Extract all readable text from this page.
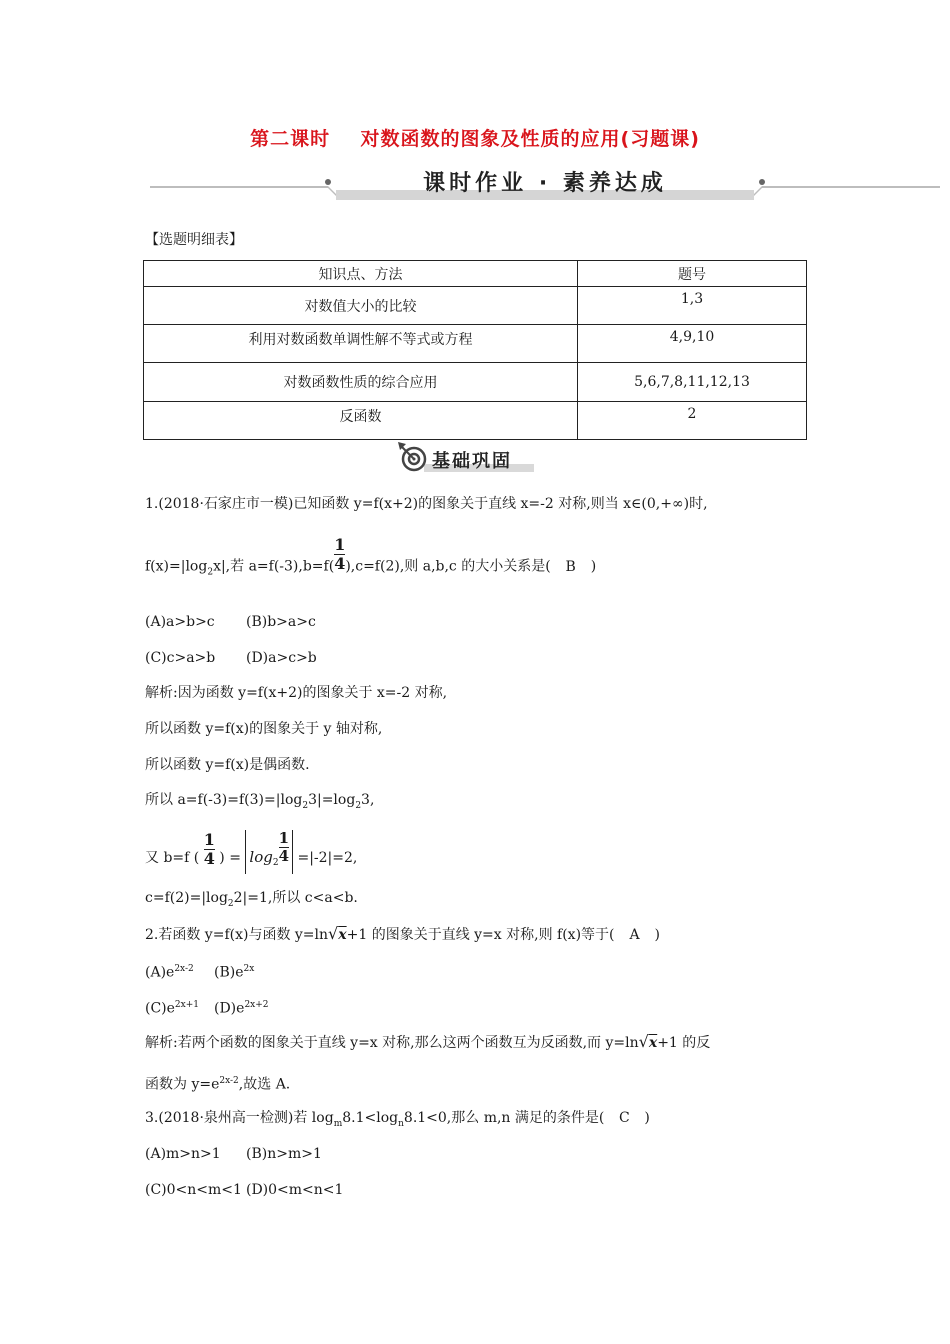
第二课时    对数函数的图象及性质的应用(习题课)
课时作业 · 素养达成
【选题明细表】
知识点、方法	题号
对数值大小的比较	1,3
利用对数函数单调性解不等式或方程	4,9,10
对数函数性质的综合应用	5,6,7,8,11,12,13
反函数	2
基础巩固
1.(2018·石家庄市一模)已知函数 y=f(x+2)的图象关于直线 x=-2 对称,则当 x∈(0,+∞)时,
$f(x)=|\log_2x|$,若 $a=f(-3),b=f( \frac{1}{4} ),c=f(2)$,则 a,b,c 的大小关系是( B )
(A)a>b>c (B)b>a>c
(C)c>a>b (D)a>c>b
解析:因为函数 y=f(x+2)的图象关于 x=-2 对称,
所以函数 y=f(x)的图象关于 y 轴对称,
所以函数 y=f(x)是偶函数.
所以 $a=f(-3)=f(3)=|\log_23|=\log_23$,
又 b=f ( $\frac{1}{4}$ ) = $\log_2 \frac{1}{4} =|-2|=2$,
$c=f(2)=|\log_22|=1$,所以 c<a<b.
2.若函数 y=f(x)与函数 y=ln√x+1 的图象关于直线 y=x 对称,则 f(x)等于( A )
$(A)e^{2x-2}$ $(B)e^{2x}$
$(C)e^{2x+1}$ $(D)e^{2x+2}$
解析:若两个函数的图象关于直线 y=x 对称,那么这两个函数互为反函数,而 y=ln√x+1 的反
函数为 $y=e^{2x-2}$,故选 A.
3.(2018·泉州高一检测)若 $\log_m8.1<\log_n8.1<0$,那么 m,n 满足的条件是( C )
(A)m>n>1 (B)n>m>1
(C)0<n<m<1 (D)0<m<n<1
